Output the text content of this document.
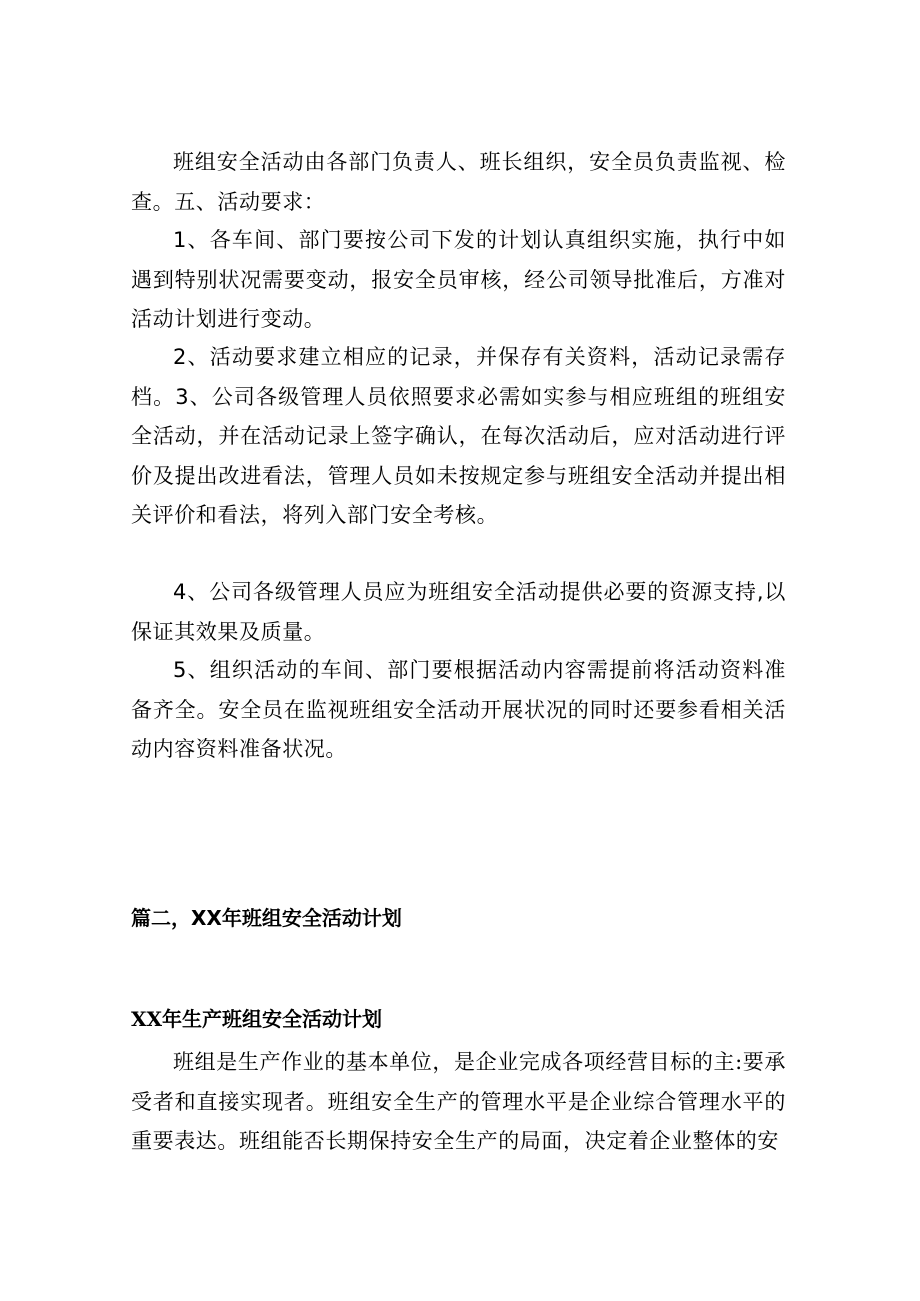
班组安全活动由各部门负责人、班长组织，安全员负责监视、检查。五、活动要求：

1、各车间、部门要按公司下发的计划认真组织实施，执行中如遇到特别状况需要变动，报安全员审核，经公司领导批准后，方准对活动计划进行变动。

2、活动要求建立相应的记录，并保存有关资料，活动记录需存档。3、公司各级管理人员依照要求必需如实参与相应班组的班组安全活动，并在活动记录上签字确认，在每次活动后，应对活动进行评价及提出改进看法，管理人员如未按规定参与班组安全活动并提出相关评价和看法，将列入部门安全考核。

4、公司各级管理人员应为班组安全活动提供必要的资源支持,以保证其效果及质量。

5、组织活动的车间、部门要根据活动内容需提前将活动资料准备齐全。安全员在监视班组安全活动开展状况的同时还要参看相关活动内容资料准备状况。

篇二，XX年班组安全活动计划
XX年生产班组安全活动计划

班组是生产作业的基本单位，是企业完成各项经营目标的主:要承受者和直接实现者。班组安全生产的管理水平是企业综合管理水平的重要表达。班组能否长期保持安全生产的局面，决定着企业整体的安
